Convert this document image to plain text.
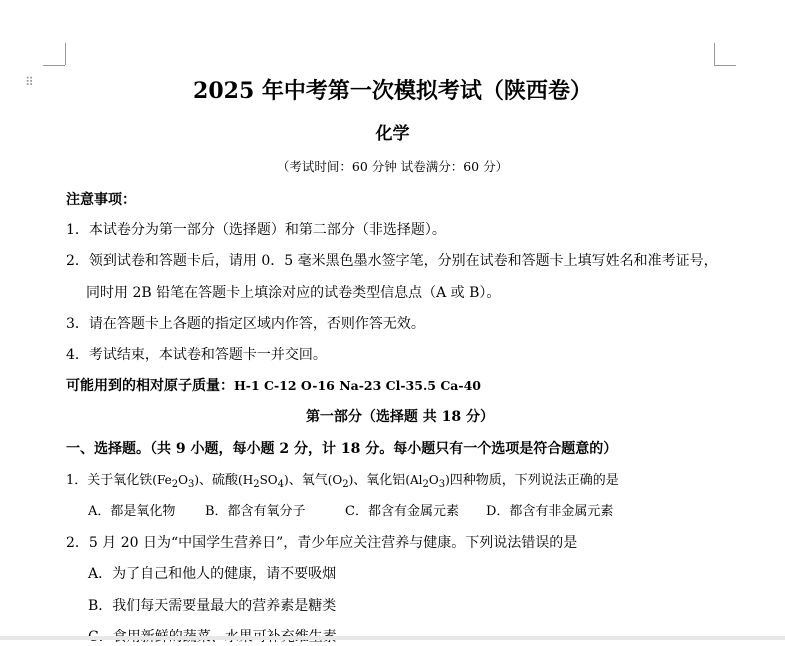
⠿	2025 年中考第一次模拟考试（陕西卷）
化学
（考试时间：60 分钟 试卷满分：60 分）
注意事项：
1．本试卷分为第一部分（选择题）和第二部分（非选择题）。
2．领到试卷和答题卡后，请用 0．5 毫米黑色墨水签字笔，分别在试卷和答题卡上填写姓名和准考证号，
同时用 2B 铅笔在答题卡上填涂对应的试卷类型信息点（A 或 B）。
3．请在答题卡上各题的指定区域内作答，否则作答无效。
4．考试结束，本试卷和答题卡一并交回。
可能用到的相对原子质量：H-1 C-12 O-16 Na-23 Cl-35.5 Ca-40
第一部分（选择题 共 18 分）
一、选择题。（共 9 小题，每小题 2 分，计 18 分。每小题只有一个选项是符合题意的）
1．关于氧化铁$(Fe_2O_3)$、硫酸$(H_2SO_4)$、氧气$(O_2)$、氧化铝$(Al_2O_3)$四种物质，下列说法正确的是
A．都是氧化物 B．都含有氧分子	C．都含有金属元素 D．都含有非金属元素
2．5 月 20 日为“中国学生营养日”，青少年应关注营养与健康。下列说法错误的是
A．为了自己和他人的健康，请不要吸烟
B．我们每天需要量最大的营养素是糖类
